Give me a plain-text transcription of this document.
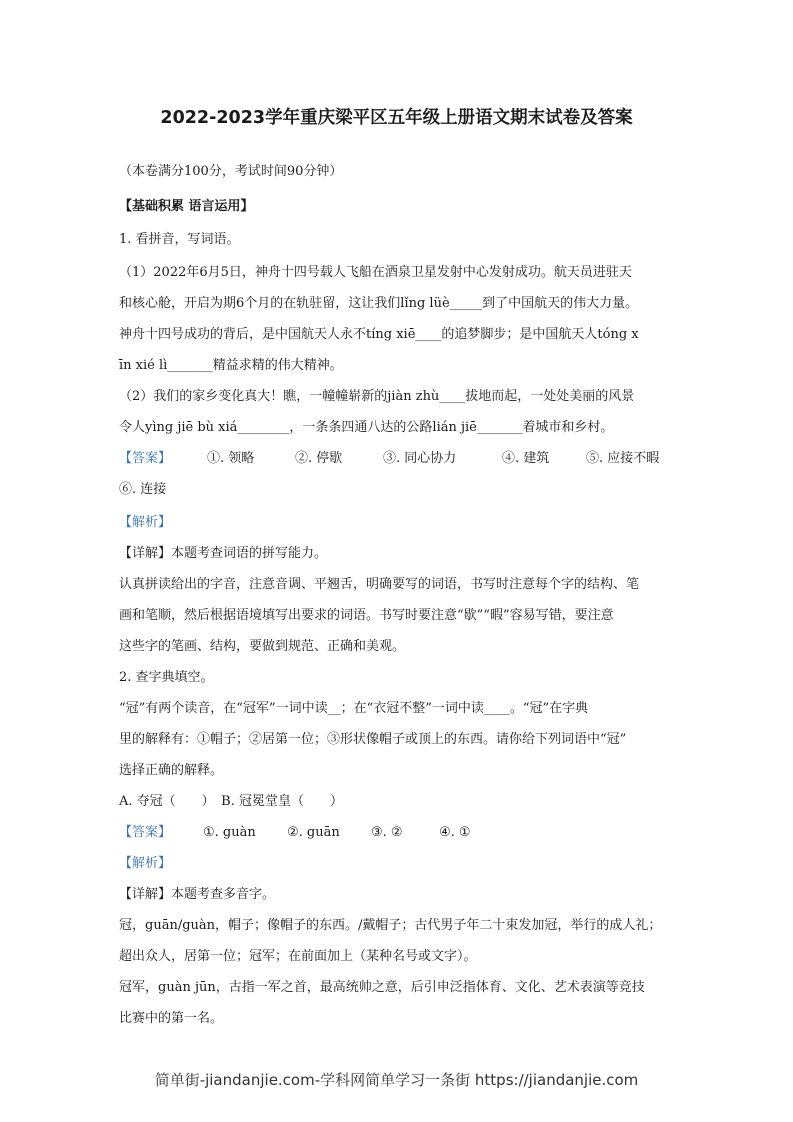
2022-2023学年重庆梁平区五年级上册语文期末试卷及答案
（本卷满分100分，考试时间90分钟）
【基础积累 语言运用】
1. 看拼音，写词语。
（1）2022年6月5日，神舟十四号载人飞船在酒泉卫星发射中心发射成功。航天员进驻天
和核心舱，开启为期6个月的在轨驻留，这让我们lǐng lüè_____到了中国航天的伟大力量。
神舟十四号成功的背后，是中国航天人永不tíng xiē____的追梦脚步；是中国航天人tóng x
īn xié lì_______精益求精的伟大精神。
（2）我们的家乡变化真大！瞧，一幢幢崭新的jiàn zhù____拔地而起，一处处美丽的风景
令人yìng jiē bù xiá________，一条条四通八达的公路lián jiē_______着城市和乡村。
【答案】	①. 领略	②. 停歇	③. 同心协力	④. 建筑	⑤. 应接不暇
⑥. 连接
【解析】
【详解】本题考查词语的拼写能力。
认真拼读给出的字音，注意音调、平翘舌，明确要写的词语，书写时注意每个字的结构、笔
画和笔顺，然后根据语境填写出要求的词语。书写时要注意“歇”“暇”容易写错，要注意
这些字的笔画、结构，要做到规范、正确和美观。
2. 查字典填空。
“冠”有两个读音，在“冠军”一词中读__；在“衣冠不整”一词中读____。“冠”在字典
里的解释有：①帽子；②居第一位；③形状像帽子或顶上的东西。请你给下列词语中“冠”
选择正确的解释。
A. 夺冠（　　）　B. 冠冕堂皇（　　）
【答案】 ①. guàn ②. guān ③. ②	④. ①
【解析】
【详解】本题考查多音字。
冠，guān/guàn，帽子；像帽子的东西。/戴帽子；古代男子年二十束发加冠，举行的成人礼；
超出众人，居第一位；冠军；在前面加上（某种名号或文字）。
冠军，guàn jūn，古指一军之首，最高统帅之意，后引申泛指体育、文化、艺术表演等竞技
比赛中的第一名。
简单街-jiandanjie.com-学科网简单学习一条街 https://jiandanjie.com
